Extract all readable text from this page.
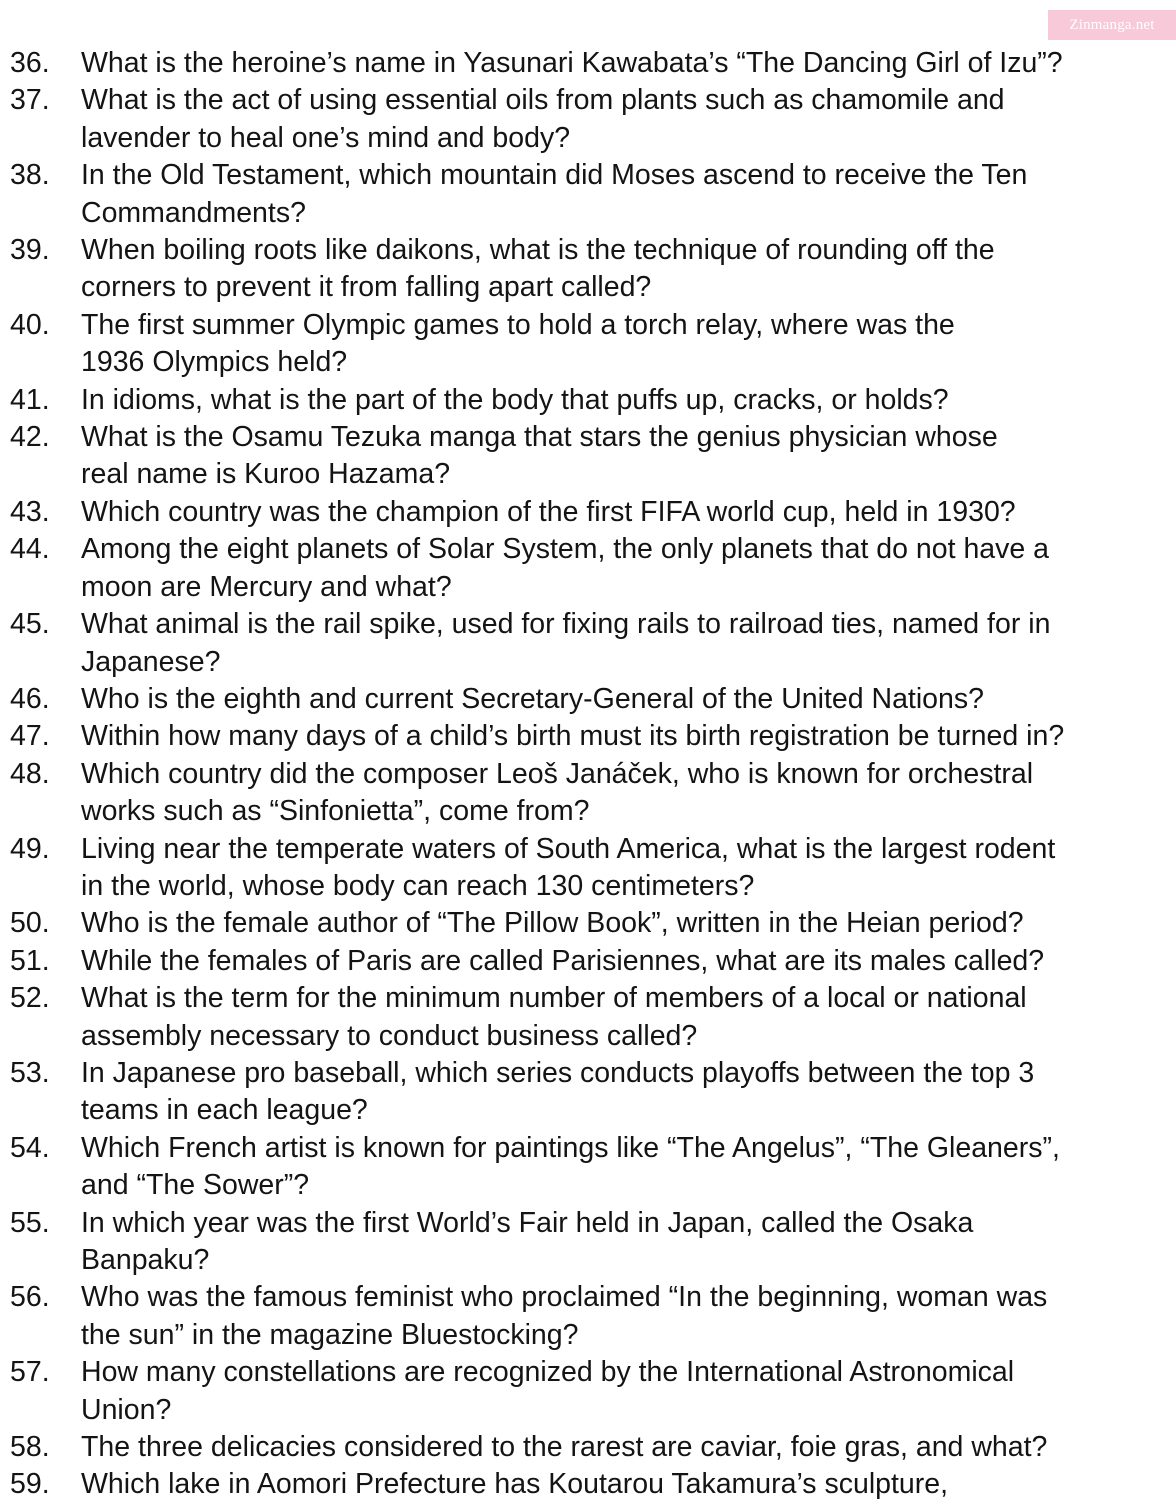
Zinmanga.net
36.	What is the heroine’s name in Yasunari Kawabata’s “The Dancing Girl of Izu”?
37.	What is the act of using essential oils from plants such as chamomile and
lavender to heal one’s mind and body?
38.	In the Old Testament, which mountain did Moses ascend to receive the Ten
Commandments?
39.	When boiling roots like daikons, what is the technique of rounding off the
corners to prevent it from falling apart called?
40.	The first summer Olympic games to hold a torch relay, where was the
1936 Olympics held?
41.	In idioms, what is the part of the body that puffs up, cracks, or holds?
42.	What is the Osamu Tezuka manga that stars the genius physician whose
real name is Kuroo Hazama?
43.	Which country was the champion of the first FIFA world cup, held in 1930?
44.	Among the eight planets of Solar System, the only planets that do not have a
moon are Mercury and what?
45.	What animal is the rail spike, used for fixing rails to railroad ties, named for in
Japanese?
46.	Who is the eighth and current Secretary-General of the United Nations?
47.	Within how many days of a child’s birth must its birth registration be turned in?
48.	Which country did the composer Leoš Janáček, who is known for orchestral
works such as “Sinfonietta”, come from?
49.	Living near the temperate waters of South America, what is the largest rodent
in the world, whose body can reach 130 centimeters?
50.	Who is the female author of “The Pillow Book”, written in the Heian period?
51.	While the females of Paris are called Parisiennes, what are its males called?
52.	What is the term for the minimum number of members of a local or national
assembly necessary to conduct business called?
53.	In Japanese pro baseball, which series conducts playoffs between the top 3
teams in each league?
54.	Which French artist is known for paintings like “The Angelus”, “The Gleaners”,
and “The Sower”?
55.	In which year was the first World’s Fair held in Japan, called the Osaka
Banpaku?
56.	Who was the famous feminist who proclaimed “In the beginning, woman was
the sun” in the magazine Bluestocking?
57.	How many constellations are recognized by the International Astronomical
Union?
58.	The three delicacies considered to the rarest are caviar, foie gras, and what?
59.	Which lake in Aomori Prefecture has Koutarou Takamura’s sculpture,
